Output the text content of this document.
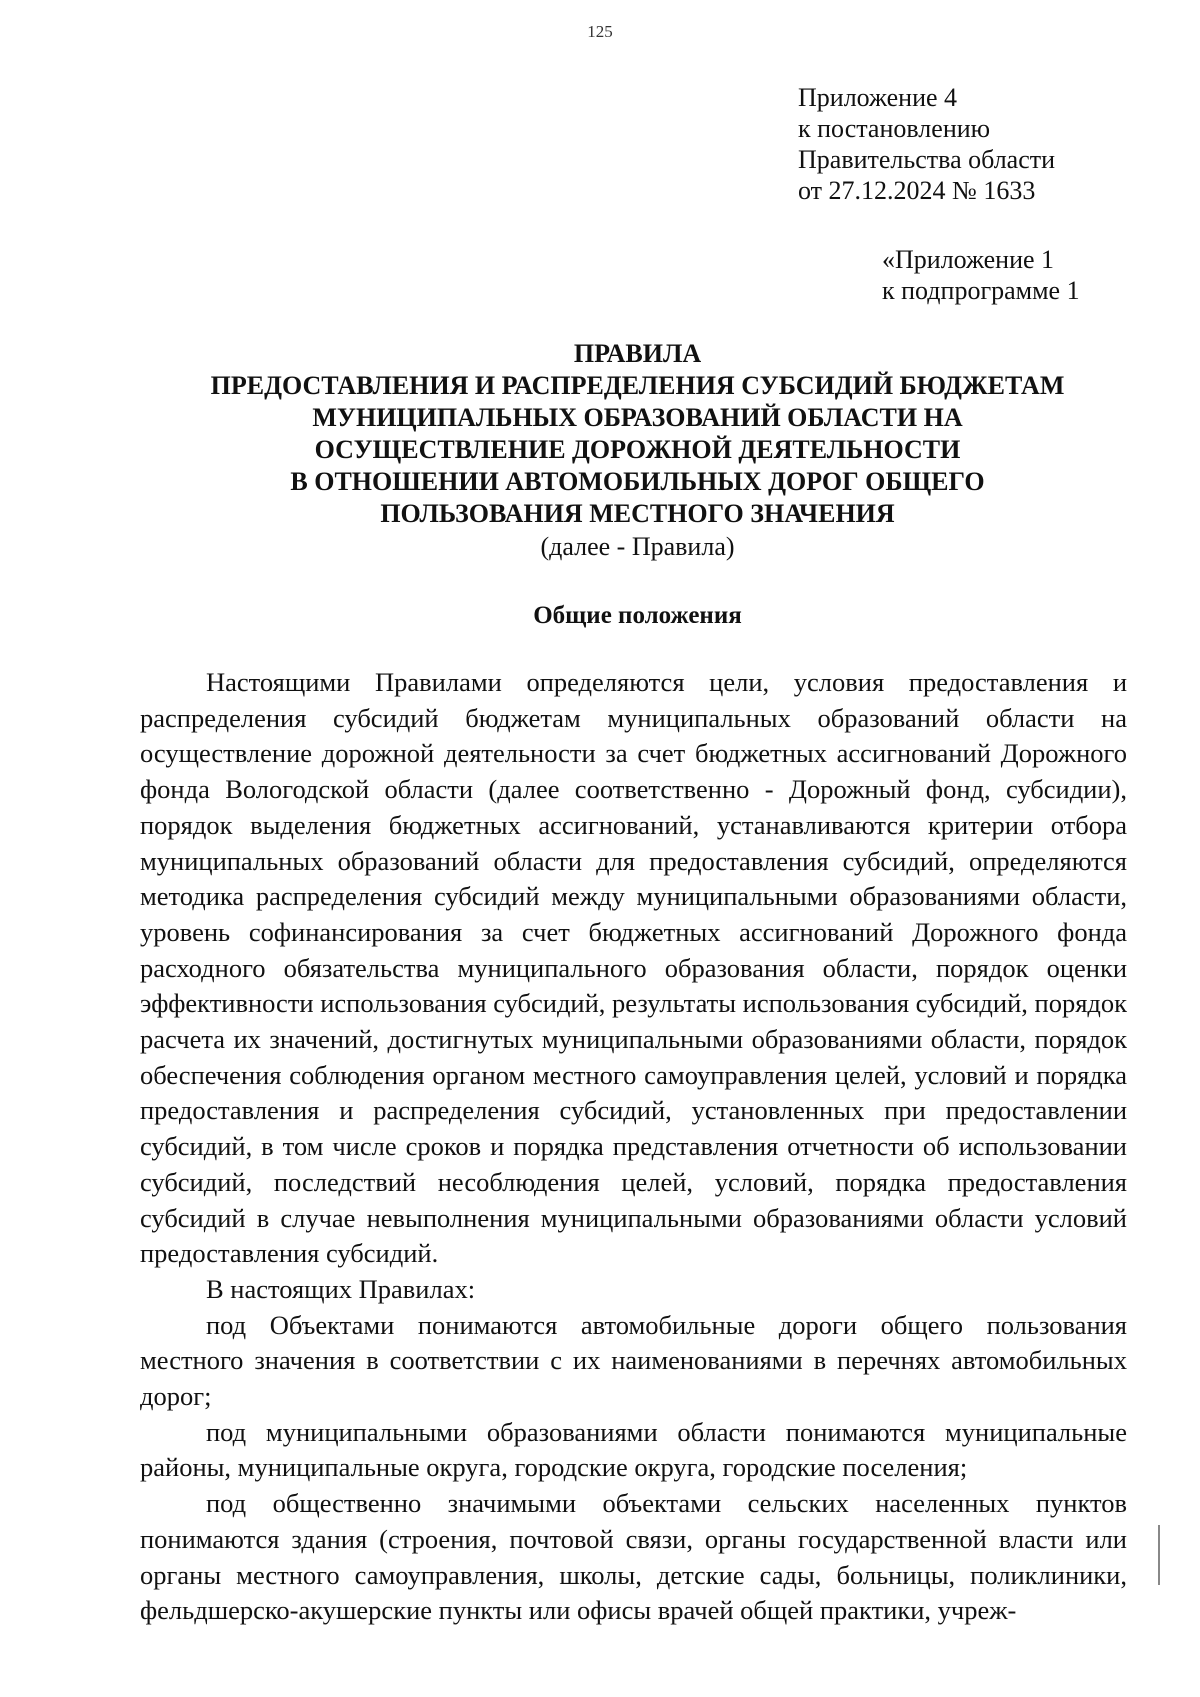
125
Приложение 4
к постановлению
Правительства области
от 27.12.2024 № 1633
«Приложение 1
к подпрограмме 1
ПРАВИЛА
ПРЕДОСТАВЛЕНИЯ И РАСПРЕДЕЛЕНИЯ СУБСИДИЙ БЮДЖЕТАМ
МУНИЦИПАЛЬНЫХ ОБРАЗОВАНИЙ ОБЛАСТИ НА
ОСУЩЕСТВЛЕНИЕ ДОРОЖНОЙ ДЕЯТЕЛЬНОСТИ
В ОТНОШЕНИИ АВТОМОБИЛЬНЫХ ДОРОГ ОБЩЕГО
ПОЛЬЗОВАНИЯ МЕСТНОГО ЗНАЧЕНИЯ
(далее - Правила)
Общие положения

Настоящими Правилами определяются цели, условия предоставления и распределения субсидий бюджетам муниципальных образований области на осуществление дорожной деятельности за счет бюджетных ассигнований Дорожного фонда Вологодской области (далее соответственно - Дорожный фонд, субсидии), порядок выделения бюджетных ассигнований, устанавливаются критерии отбора муниципальных образований области для предоставления субсидий, определяются методика распределения субсидий между муниципальными образованиями области, уровень софинансирования за счет бюджетных ассигнований Дорожного фонда расходного обязательства муниципального образования области, порядок оценки эффективности использования субсидий, результаты использования субсидий, порядок расчета их значений, достигнутых муниципальными образованиями области, порядок обеспечения соблюдения органом местного самоуправления целей, условий и порядка предоставления и распределения субсидий, установленных при предоставлении субсидий, в том числе сроков и порядка представления отчетности об использовании субсидий, последствий несоблюдения целей, условий, порядка предоставления субсидий в случае невыполнения муниципальными образованиями области условий предоставления субсидий.

В настоящих Правилах:

под Объектами понимаются автомобильные дороги общего пользования местного значения в соответствии с их наименованиями в перечнях автомобильных дорог;

под муниципальными образованиями области понимаются муниципальные районы, муниципальные округа, городские округа, городские поселения;

под общественно значимыми объектами сельских населенных пунктов понимаются здания (строения, почтовой связи, органы государственной власти или органы местного самоуправления, школы, детские сады, больницы, поликлиники, фельдшерско-акушерские пункты или офисы врачей общей практики, учреж-
